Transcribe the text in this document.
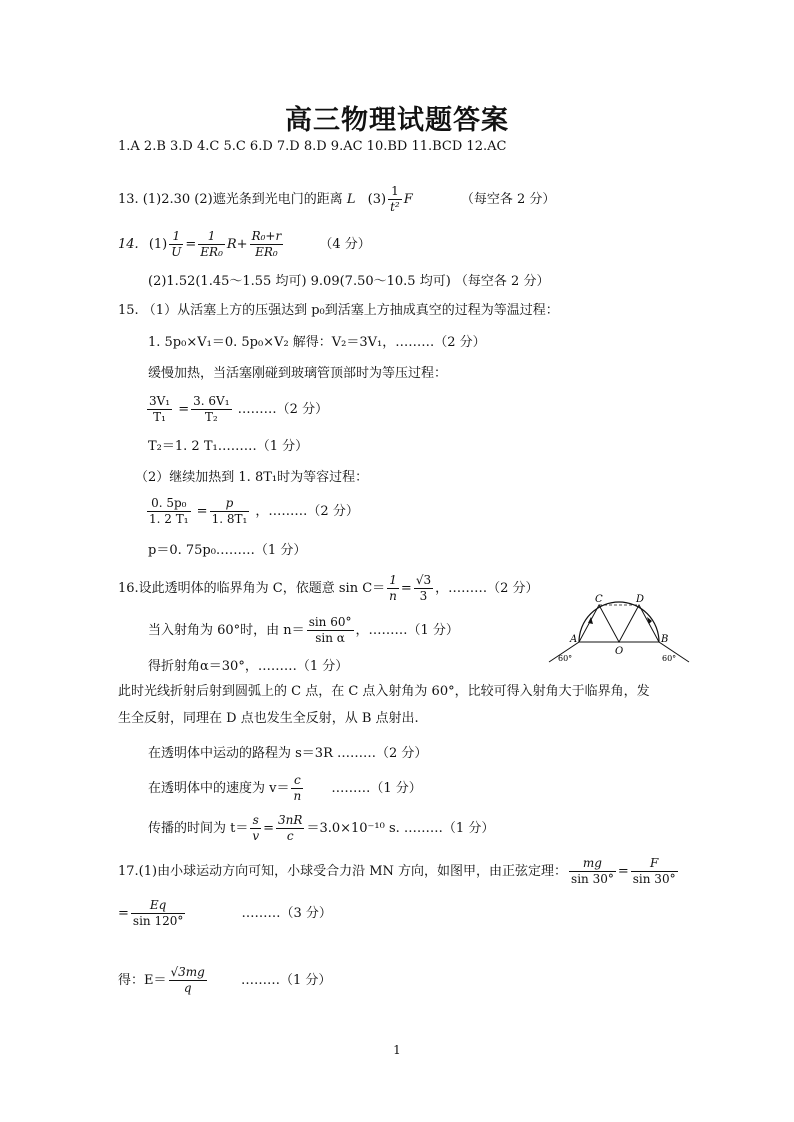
高三物理试题答案
1.A 2.B 3.D 4.C 5.C 6.D 7.D 8.D 9.AC 10.BD 11.BCD 12.AC
13. (1)2.30 (2)遮光条到光电门的距离 L $(3) \frac{1}{\text{t²}}$ F	（每空各 2 分）
14. $(1) \frac{1}{U} = \frac{1}{\text{ER₀}} R+ \frac{\text{R₀+r}}{\text{ER₀}}$	（4 分）
(2)1.52(1.45～1.55 均可) 9.09(7.50～10.5 均可) （每空各 2 分）
15. （1）从活塞上方的压强达到 p₀到活塞上方抽成真空的过程为等温过程：
1. 5p₀×V₁＝0. 5p₀×V₂ 解得：V₂＝3V₁，………（2 分）
缓慢加热，当活塞刚碰到玻璃管顶部时为等压过程：
$\frac{\text{3V₁}}{\text{T₁}} = \frac{\text{3. 6V₁}}{\text{T₂}}$ ………（2 分）
T₂＝1. 2 T₁………（1 分）
（2）继续加热到 1. 8T₁时为等容过程：
$\frac{\text{0. 5p₀}}{\text{1. 2 T₁}} = \frac{p}{\text{1. 8T₁}}$ ，………（2 分）
p＝0. 75p₀………（1 分）
16.设此透明体的临界角为 C，依题意 $\sin C= \frac{1}{n} = \frac{√3}{3}$ ，………（2 分）
当入射角为 60°时，由 $n= \frac{\sin 60^\circ}{\text{sin α}}$ ，………（1 分）
得折射角α＝30°，………（1 分）
此时光线折射后射到圆弧上的 C 点，在 C 点入射角为 60°，比较可得入射角大于临界角，发
生全反射，同理在 D 点也发生全反射，从 B 点射出.
在透明体中运动的路程为 s＝3R ………（2 分）
在透明体中的速度为 $v= \frac{c}{n}$ ………（1 分）
传播的时间为 $t= \frac{s}{v} = \frac{3nR}{c} =3.0\times 10^{-10}$ s. ………（1 分）
C	D
A	B
O
60°	60°
17.(1)由小球运动方向可知，小球受合力沿 MN 方向，如图甲，由正弦定理： $\frac{mg}{\sin 30^\circ} = \frac{F}{\sin 30^\circ}$
= $\frac{Eq}{\sin 120^\circ}$	………（3 分）
得：$E= \frac{√3mg}{q}$	………（1 分）
1
